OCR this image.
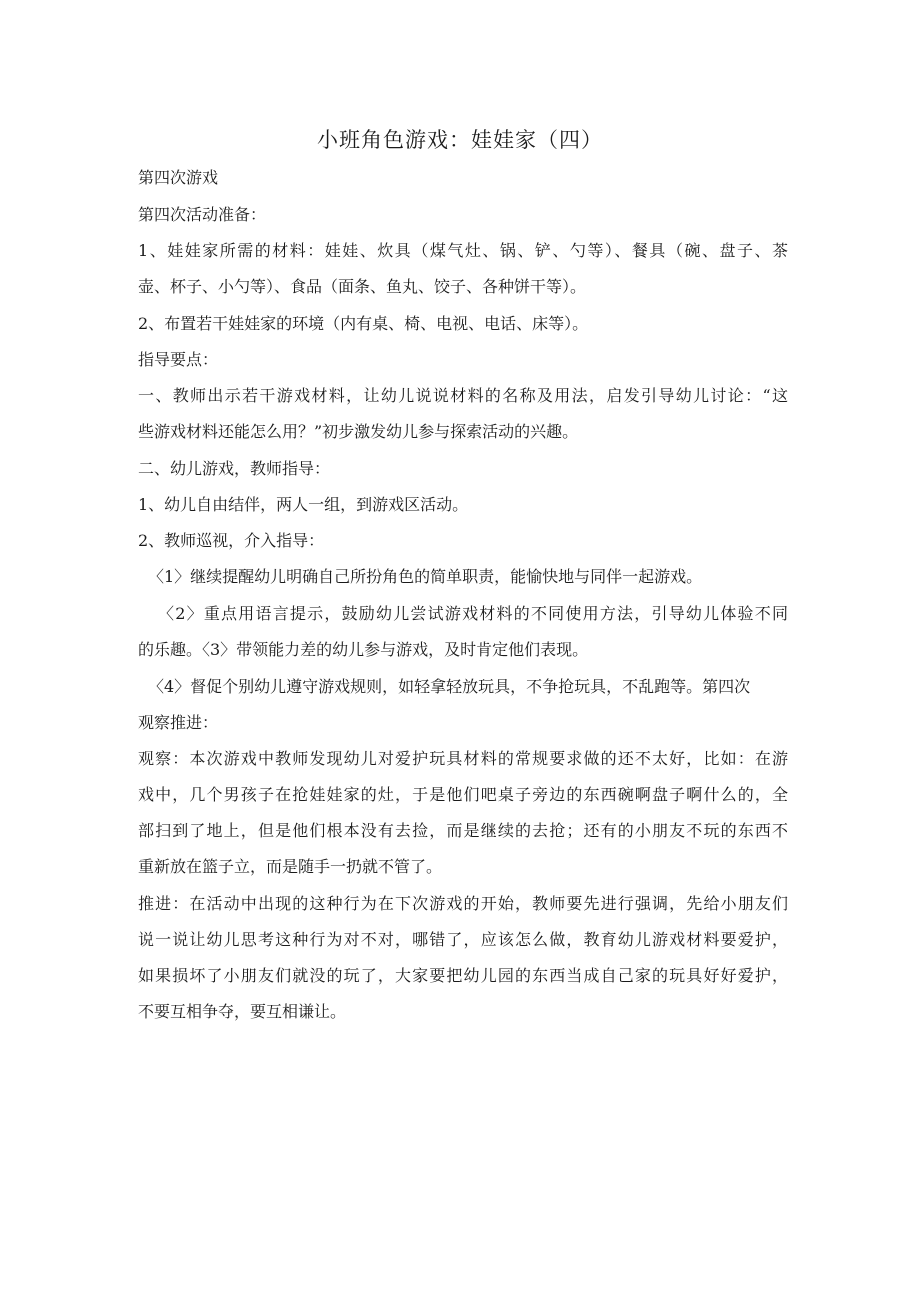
小班角色游戏：娃娃家（四）
第四次游戏
第四次活动准备：
1、娃娃家所需的材料：娃娃、炊具（煤气灶、锅、铲、勺等）、餐具（碗、盘子、茶
壶、杯子、小勺等）、食品（面条、鱼丸、饺子、各种饼干等）。
2、布置若干娃娃家的环境（内有桌、椅、电视、电话、床等）。
指导要点：
一、教师出示若干游戏材料，让幼儿说说材料的名称及用法，启发引导幼儿讨论：“这
些游戏材料还能怎么用？”初步激发幼儿参与探索活动的兴趣。
二、幼儿游戏，教师指导：
1、幼儿自由结伴，两人一组，到游戏区活动。
2、教师巡视，介入指导：
〈1〉继续提醒幼儿明确自己所扮角色的简单职责，能愉快地与同伴一起游戏。
〈2〉重点用语言提示，鼓励幼儿尝试游戏材料的不同使用方法，引导幼儿体验不同
的乐趣。〈3〉带领能力差的幼儿参与游戏，及时肯定他们表现。
〈4〉督促个别幼儿遵守游戏规则，如轻拿轻放玩具，不争抢玩具，不乱跑等。第四次
观察推进：
观察：本次游戏中教师发现幼儿对爱护玩具材料的常规要求做的还不太好，比如：在游
戏中，几个男孩子在抢娃娃家的灶，于是他们吧桌子旁边的东西碗啊盘子啊什么的，全
部扫到了地上，但是他们根本没有去捡，而是继续的去抢；还有的小朋友不玩的东西不
重新放在篮子立，而是随手一扔就不管了。
推进：在活动中出现的这种行为在下次游戏的开始，教师要先进行强调，先给小朋友们
说一说让幼儿思考这种行为对不对，哪错了，应该怎么做，教育幼儿游戏材料要爱护，
如果损坏了小朋友们就没的玩了，大家要把幼儿园的东西当成自己家的玩具好好爱护，
不要互相争夺，要互相谦让。
